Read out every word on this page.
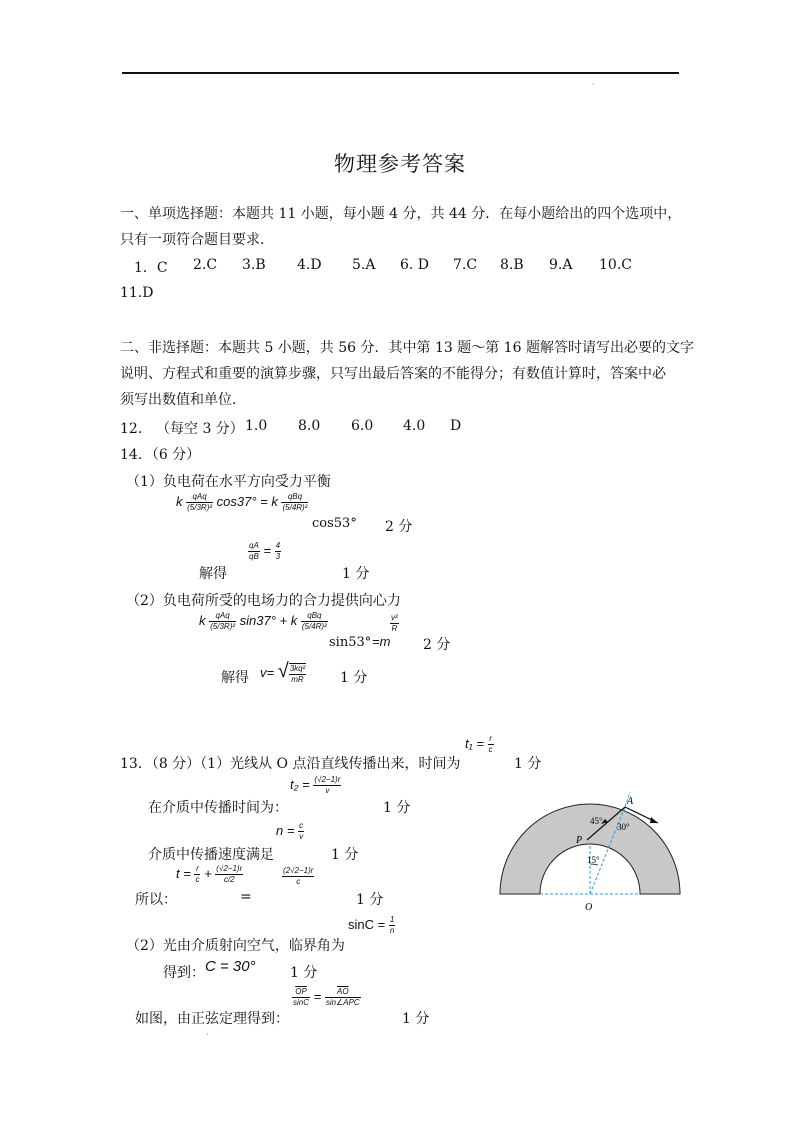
·
物理参考答案
一、单项选择题：本题共 11 小题，每小题 4 分，共 44 分．在每小题给出的四个选项中，
只有一项符合题目要求．
1．C 2.C 3.B 4.D 5.A 6. D 7.C 8.B 9.A 10.C
11.D
二、非选择题：本题共 5 小题，共 56 分．其中第 13 题～第 16 题解答时请写出必要的文字
说明、方程式和重要的演算步骤，只写出最后答案的不能得分；有数值计算时，答案中必
须写出数值和单位．
12． （每空 3 分） 1.0 8.0 6.0 4.0 D
14．（6 分）
（1）负电荷在水平方向受力平衡
k $\frac{\text{qAq}}{\text{(5/3R)²}} \cos 37^\circ = k \frac{\text{qBq}}{\text{(5/4R)²}}$
cos53° 2 分
$\frac{qA}{qB} = \frac{4}{3}$
解得	1 分
（2）负电荷所受的电场力的合力提供向心力
k $\frac{\text{qAq}}{\text{(5/3R)²}} \sin 37^\circ + k \frac{\text{qBq}}{\text{(5/4R)²}}$
sin53° =m
$\frac{\text{v²}}{R}$
2 分
解得 v= √ $\frac{\text{3kq²}}{mR} 1$ 分
$t_1 = \frac{r}{c}$
13．（8 分）（1）光线从 O 点沿直线传播出来，时间为	1 分
$t_2 = \frac{(√2-1)r}{v}$
在介质中传播时间为：	1 分
$n = \frac{c}{v}$
介质中传播速度满足	1 分
$t = \frac{r}{c} + \frac{(√2-1)r}{c/2}$	$\frac{(2√2-1)r}{c}$
所以：	=	1 分
$\sin C = \frac{1}{n}$
（2）光由介质射向空气，临界角为
得到： C = 30° 1 分
$\frac{\overline{OP}}{\sin C} = \frac{\overline{AO}}{\text{sin∠APC}}$
如图，由正弦定理得到：	1 分
·
A
P
O
45°
30°
15°
